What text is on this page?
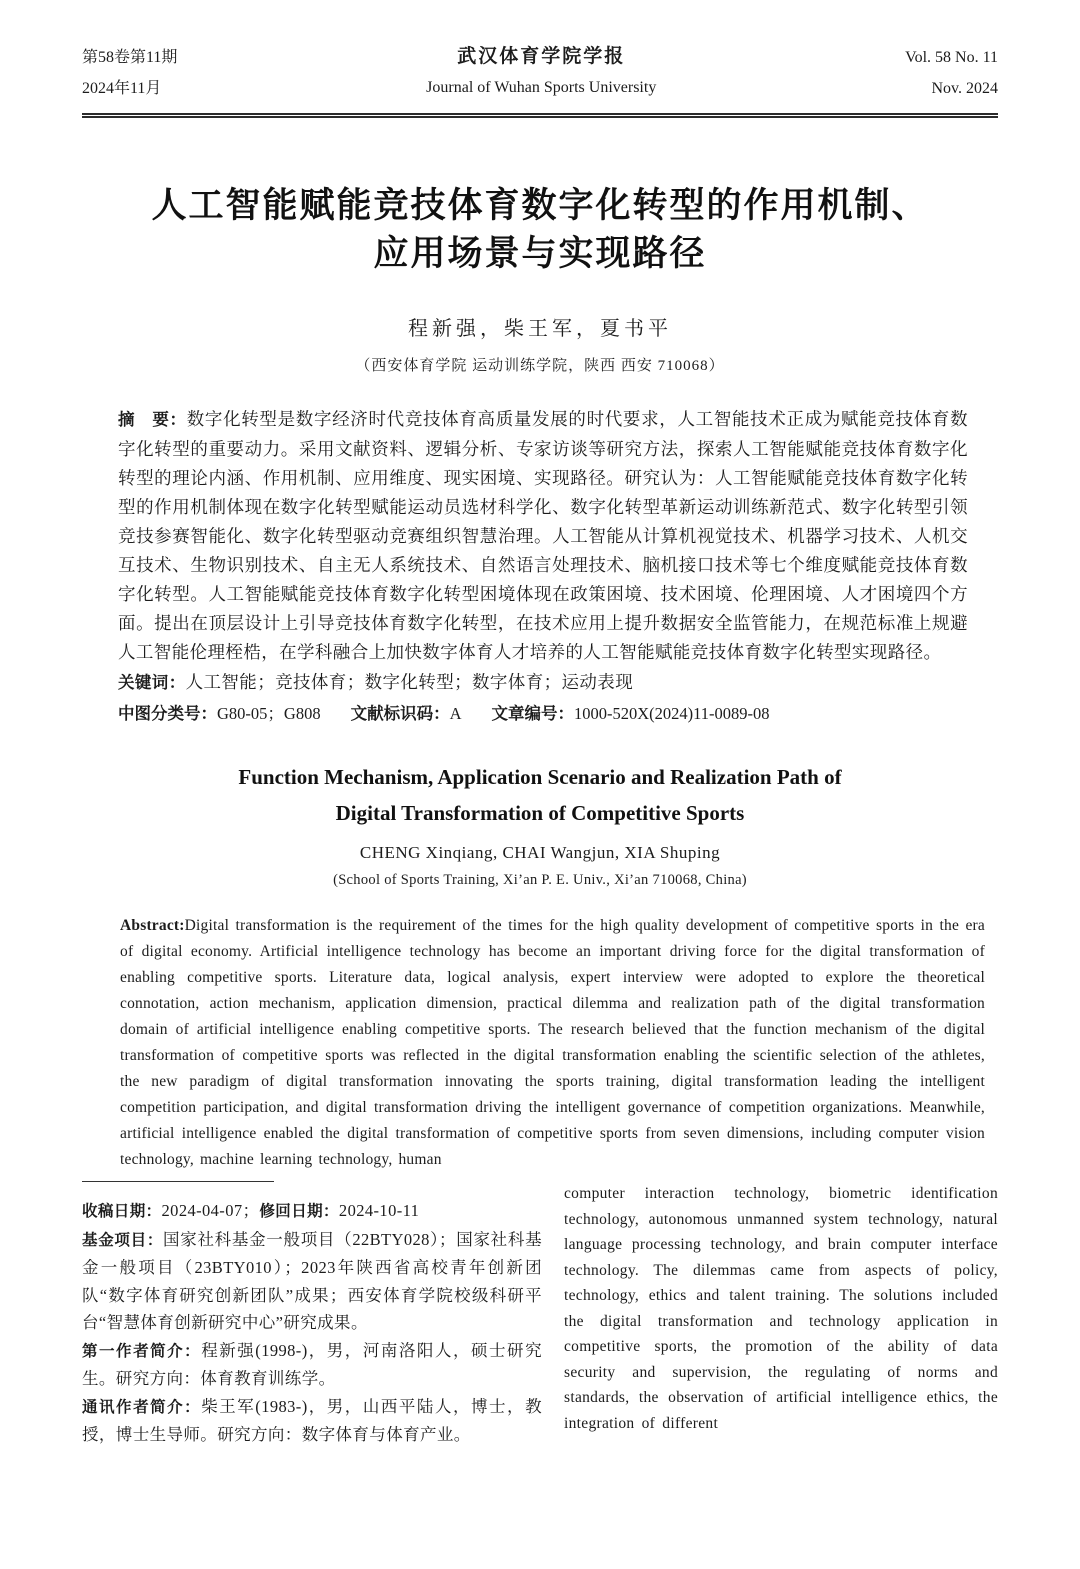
第58卷第11期
2024年11月
武汉体育学院学报
Journal of Wuhan Sports University
Vol. 58 No. 11
Nov. 2024
人工智能赋能竞技体育数字化转型的作用机制、
应用场景与实现路径
程新强，柴王军，夏书平
（西安体育学院 运动训练学院，陕西 西安 710068）

摘　要：数字化转型是数字经济时代竞技体育高质量发展的时代要求，人工智能技术正成为赋能竞技体育数字化转型的重要动力。采用文献资料、逻辑分析、专家访谈等研究方法，探索人工智能赋能竞技体育数字化转型的理论内涵、作用机制、应用维度、现实困境、实现路径。研究认为：人工智能赋能竞技体育数字化转型的作用机制体现在数字化转型赋能运动员选材科学化、数字化转型革新运动训练新范式、数字化转型引领竞技参赛智能化、数字化转型驱动竞赛组织智慧治理。人工智能从计算机视觉技术、机器学习技术、人机交互技术、生物识别技术、自主无人系统技术、自然语言处理技术、脑机接口技术等七个维度赋能竞技体育数字化转型。人工智能赋能竞技体育数字化转型困境体现在政策困境、技术困境、伦理困境、人才困境四个方面。提出在顶层设计上引导竞技体育数字化转型，在技术应用上提升数据安全监管能力，在规范标准上规避人工智能伦理桎梏，在学科融合上加快数字体育人才培养的人工智能赋能竞技体育数字化转型实现路径。

关键词：人工智能；竞技体育；数字化转型；数字体育；运动表现

中图分类号：G80-05；G808 文献标识码：A 文章编号：1000-520X(2024)11-0089-08

Function Mechanism, Application Scenario and Realization Path of
Digital Transformation of Competitive Sports
CHENG Xinqiang, CHAI Wangjun, XIA Shuping
(School of Sports Training, Xi’an P. E. Univ., Xi’an 710068, China)

Abstract:Digital transformation is the requirement of the times for the high quality development of competitive sports in the era of digital economy. Artificial intelligence technology has become an important driving force for the digital transformation of enabling competitive sports. Literature data, logical analysis, expert interview were adopted to explore the theoretical connotation, action mechanism, application dimension, practical dilemma and realization path of the digital transformation domain of artificial intelligence enabling competitive sports. The research believed that the function mechanism of the digital transformation of competitive sports was reflected in the digital transformation enabling the scientific selection of the athletes, the new paradigm of digital transformation innovating the sports training, digital transformation leading the intelligent competition participation, and digital transformation driving the intelligent governance of competition organizations. Meanwhile, artificial intelligence enabled the digital transformation of competitive sports from seven dimensions, including computer vision technology, machine learning technology, human

收稿日期：2024-04-07；修回日期：2024-10-11

基金项目：国家社科基金一般项目（22BTY028）；国家社科基金一般项目（23BTY010）；2023年陕西省高校青年创新团队“数字体育研究创新团队”成果；西安体育学院校级科研平台“智慧体育创新研究中心”研究成果。

第一作者简介：程新强(1998-)，男，河南洛阳人，硕士研究生。研究方向：体育教育训练学。

通讯作者简介：柴王军(1983-)，男，山西平陆人，博士，教授，博士生导师。研究方向：数字体育与体育产业。

computer interaction technology, biometric identification technology, autonomous unmanned system technology, natural language processing technology, and brain computer interface technology. The dilemmas came from aspects of policy, technology, ethics and talent training. The solutions included the digital transformation and technology application in competitive sports, the promotion of the ability of data security and supervision, the regulating of norms and standards, the observation of artificial intelligence ethics, the integration of different
